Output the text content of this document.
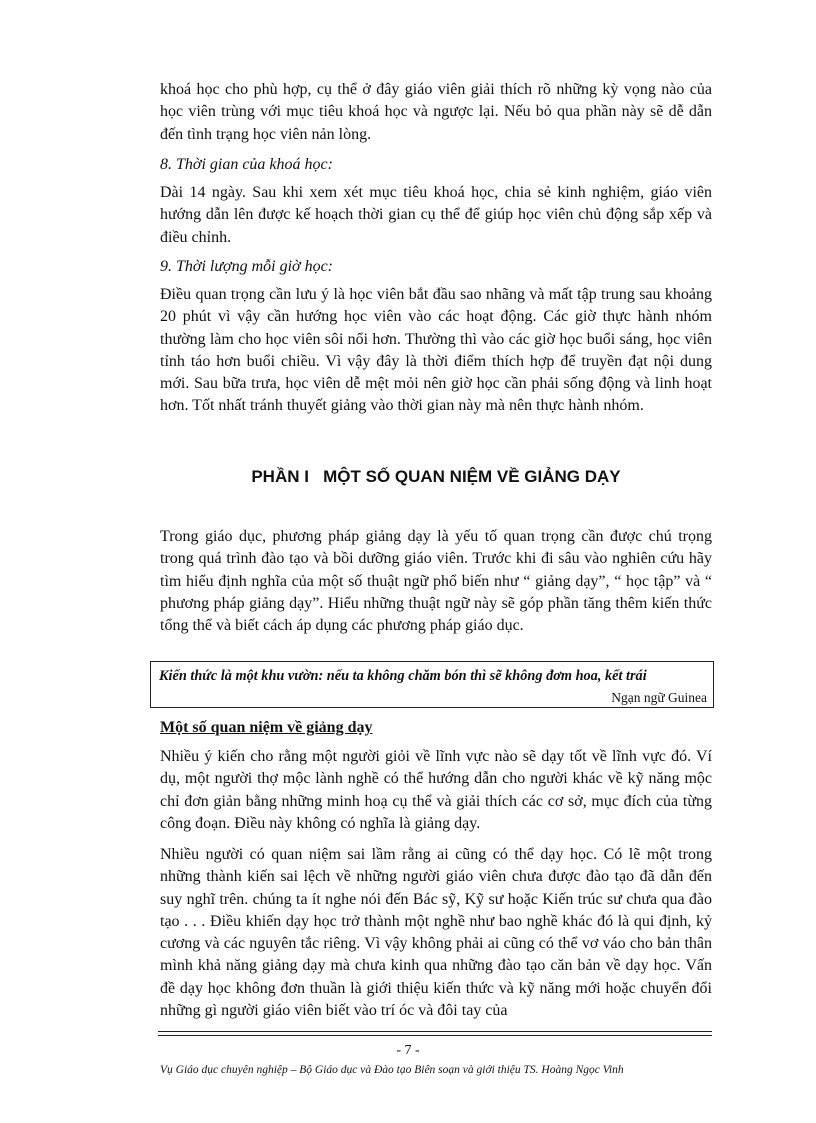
khoá học cho phù hợp, cụ thể ở đây giáo viên giải thích rõ những kỳ vọng nào của học viên trùng với mục tiêu khoá học và ngược lại. Nếu bỏ qua phần này sẽ dễ dẫn đến tình trạng học viên nản lòng.

8. Thời gian của khoá học:

Dài 14 ngày. Sau khi xem xét mục tiêu khoá học, chia sẻ kinh nghiệm, giáo viên hướng dẫn lên được kế hoạch thời gian cụ thể để giúp học viên chủ động sắp xếp và điều chỉnh.

9. Thời lượng mỗi giờ học:

Điều quan trọng cần lưu ý là học viên bắt đầu sao nhãng và mất tập trung sau khoảng 20 phút vì vậy cần hướng học viên vào các hoạt động. Các giờ thực hành nhóm thường làm cho học viên sôi nổi hơn. Thường thì vào các giờ học buổi sáng, học viên tỉnh táo hơn buổi chiều. Vì vậy đây là thời điểm thích hợp để truyền đạt nội dung mới. Sau bữa trưa, học viên dễ mệt mỏi nên giờ học cần phải sống động và linh hoạt hơn. Tốt nhất tránh thuyết giảng vào thời gian này mà nên thực hành nhóm.

PHẦN I   MỘT SỐ QUAN NIỆM VỀ GIẢNG DẠY

Trong giáo dục, phương pháp giảng dạy là yếu tố quan trọng cần được chú trọng trong quá trình đào tạo và bồi dưỡng giáo viên. Trước khi đi sâu vào nghiên cứu hãy tìm hiểu định nghĩa của một số thuật ngữ phổ biến như “ giảng dạy”, “ học tập” và “ phương pháp giảng dạy”. Hiểu những thuật ngữ này sẽ góp phần tăng thêm kiến thức tổng thể và biết cách áp dụng các phương pháp giáo dục.

Kiến thức là một khu vườn: nếu ta không chăm bón thì sẽ không đơm hoa, kết trái
Ngạn ngữ Guinea

Một số quan niệm về giảng dạy

Nhiều ý kiến cho rằng một người giỏi về lĩnh vực nào sẽ dạy tốt về lĩnh vực đó. Ví dụ, một người thợ mộc lành nghề có thể hướng dẫn cho người khác về kỹ năng mộc chỉ đơn giản bằng những minh hoạ cụ thể và giải thích các cơ sở, mục đích của từng công đoạn. Điều này không có nghĩa là giảng dạy.

Nhiều người có quan niệm sai lầm rằng ai cũng có thể dạy học. Có lẽ một trong những thành kiến sai lệch về những người giáo viên chưa được đào tạo đã dẫn đến suy nghĩ trên. chúng ta ít nghe nói đến Bác sỹ, Kỹ sư hoặc Kiến trúc sư chưa qua đào tạo . . . Điều khiến dạy học trở thành một nghề như bao nghề khác đó là qui định, kỷ cương và các nguyên tắc riêng. Vì vậy không phải ai cũng có thể vơ váo cho bản thân mình khả năng giảng dạy mà chưa kinh qua những đào tạo căn bản về dạy học. Vấn đề dạy học không đơn thuần là giới thiệu kiến thức và kỹ năng mới hoặc chuyển đổi những gì người giáo viên biết vào trí óc và đôi tay của

- 7 -
Vụ Giáo dục chuyên nghiệp – Bộ Giáo dục và Đào tạo Biên soạn và giới thiệu TS. Hoàng Ngọc Vinh
